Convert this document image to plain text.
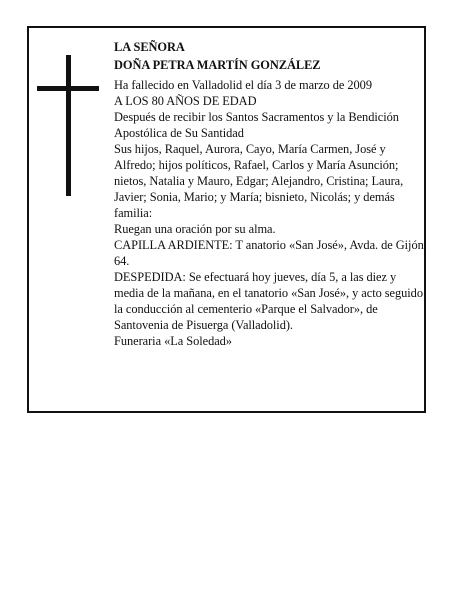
LA SEÑORA

DOÑA PETRA MARTÍN GONZÁLEZ

Ha fallecido en Valladolid el día 3 de marzo de 2009

A LOS 80 AÑOS DE EDAD

Después de recibir los Santos Sacramentos y la Bendición Apostólica de Su Santidad

Sus hijos, Raquel, Aurora, Cayo, María Carmen, José y Alfredo; hijos políticos, Rafael, Carlos y María Asunción; nietos, Natalia y Mauro, Edgar; Alejandro, Cristina; Laura, Javier; Sonia, Mario; y María; bisnieto, Nicolás; y demás familia:

Ruegan una oración por su alma.

CAPILLA ARDIENTE: T anatorio «San José», Avda. de Gijón, 64.

DESPEDIDA: Se efectuará hoy jueves, día 5, a las diez y media de la mañana, en el tanatorio «San José», y acto seguido la conducción al cementerio «Parque el Salvador», de Santovenia de Pisuerga (Valladolid).

Funeraria «La Soledad»
